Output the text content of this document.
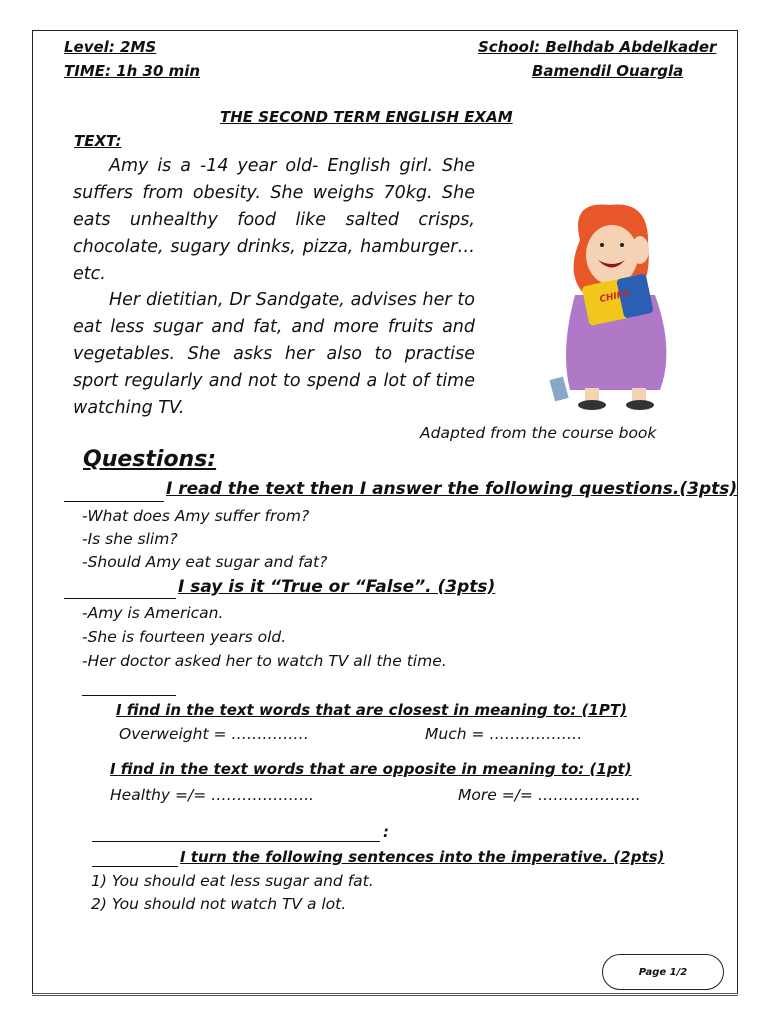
Level: 2MS
TIME: 1h 30 min
School: Belhdab Abdelkader
Bamendil Ouargla
THE SECOND TERM ENGLISH EXAM
TEXT:
Amy is a -14 year old- English girl. She suffers from obesity. She weighs 70kg. She eats unhealthy food like salted crisps, chocolate, sugary drinks, pizza, hamburger…etc.
Her dietitian, Dr Sandgate, advises her to eat less sugar and fat, and more fruits and vegetables. She asks her also to practise sport regularly and not to spend a lot of time watching TV.
CHIPS
Adapted from the course book
Questions:
I read the text then I answer the following questions.(3pts)
-What does Amy suffer from?
-Is she slim?
-Should Amy eat sugar and fat?
I say is it “True or “False”. (3pts)
-Amy is American.
-She is fourteen years old.
-Her doctor asked her to watch TV all the time.
I find in the text words that are closest in meaning to: (1PT)
Overweight = ……………	Much = ………………
I find in the text words that are opposite in meaning to: (1pt)
Healthy =/= ………………..	More =/= ………………..
:
I turn the following sentences into the imperative. (2pts)
1) You should eat less sugar and fat.
2) You should not watch TV a lot.
Page 1/2
